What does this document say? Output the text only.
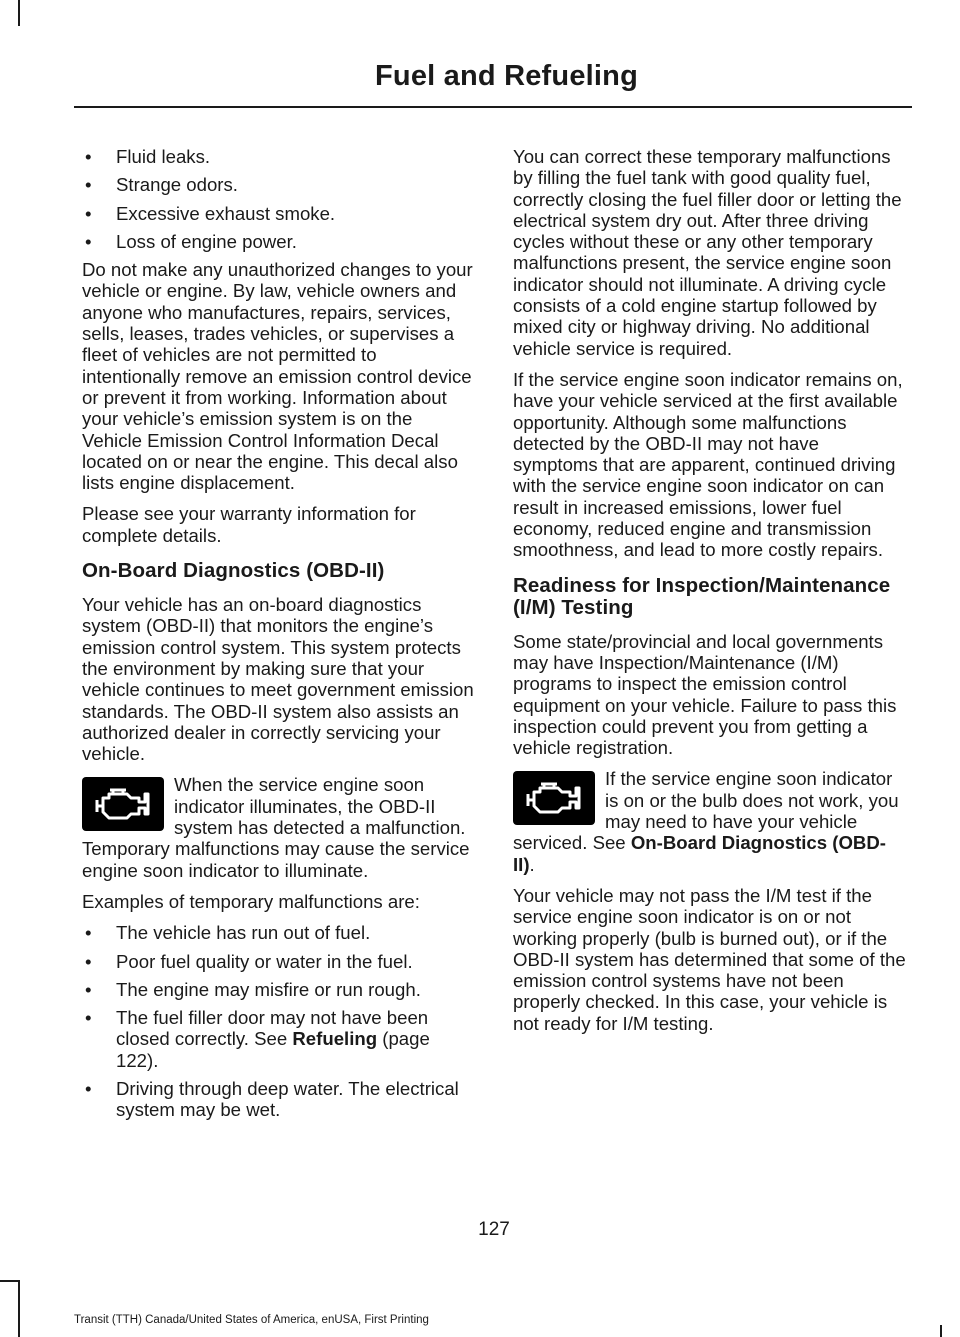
Fuel and Refueling
• Fluid leaks.
• Strange odors.
• Excessive exhaust smoke.
• Loss of engine power.

Do not make any unauthorized changes to your vehicle or engine. By law, vehicle owners and anyone who manufactures, repairs, services, sells, leases, trades vehicles, or supervises a fleet of vehicles are not permitted to intentionally remove an emission control device or prevent it from working. Information about your vehicle’s emission system is on the Vehicle Emission Control Information Decal located on or near the engine. This decal also lists engine displacement.

Please see your warranty information for complete details.

On-Board Diagnostics (OBD-II)

Your vehicle has an on-board diagnostics system (OBD-II) that monitors the engine’s emission control system. This system protects the environment by making sure that your vehicle continues to meet government emission standards. The OBD-II system also assists an authorized dealer in correctly servicing your vehicle.

When the service engine soon indicator illuminates, the OBD-II system has detected a malfunction. Temporary malfunctions may cause the service engine soon indicator to illuminate.

Examples of temporary malfunctions are:

• The vehicle has run out of fuel.
• Poor fuel quality or water in the fuel.
• The engine may misfire or run rough.
• The fuel filler door may not have been closed correctly. See Refueling (page 122).
• Driving through deep water. The electrical system may be wet.

You can correct these temporary malfunctions by filling the fuel tank with good quality fuel, correctly closing the fuel filler door or letting the electrical system dry out. After three driving cycles without these or any other temporary malfunctions present, the service engine soon indicator should not illuminate. A driving cycle consists of a cold engine startup followed by mixed city or highway driving. No additional vehicle service is required.

If the service engine soon indicator remains on, have your vehicle serviced at the first available opportunity. Although some malfunctions detected by the OBD-II may not have symptoms that are apparent, continued driving with the service engine soon indicator on can result in increased emissions, lower fuel economy, reduced engine and transmission smoothness, and lead to more costly repairs.

Readiness for Inspection/Maintenance (I/M) Testing

Some state/provincial and local governments may have Inspection/Maintenance (I/M) programs to inspect the emission control equipment on your vehicle. Failure to pass this inspection could prevent you from getting a vehicle registration.

If the service engine soon indicator is on or the bulb does not work, you may need to have your vehicle serviced. See On-Board Diagnostics (OBD-II).

Your vehicle may not pass the I/M test if the service engine soon indicator is on or not working properly (bulb is burned out), or if the OBD-II system has determined that some of the emission control systems have not been properly checked. In this case, your vehicle is not ready for I/M testing.

127
Transit (TTH) Canada/United States of America, enUSA, First Printing
